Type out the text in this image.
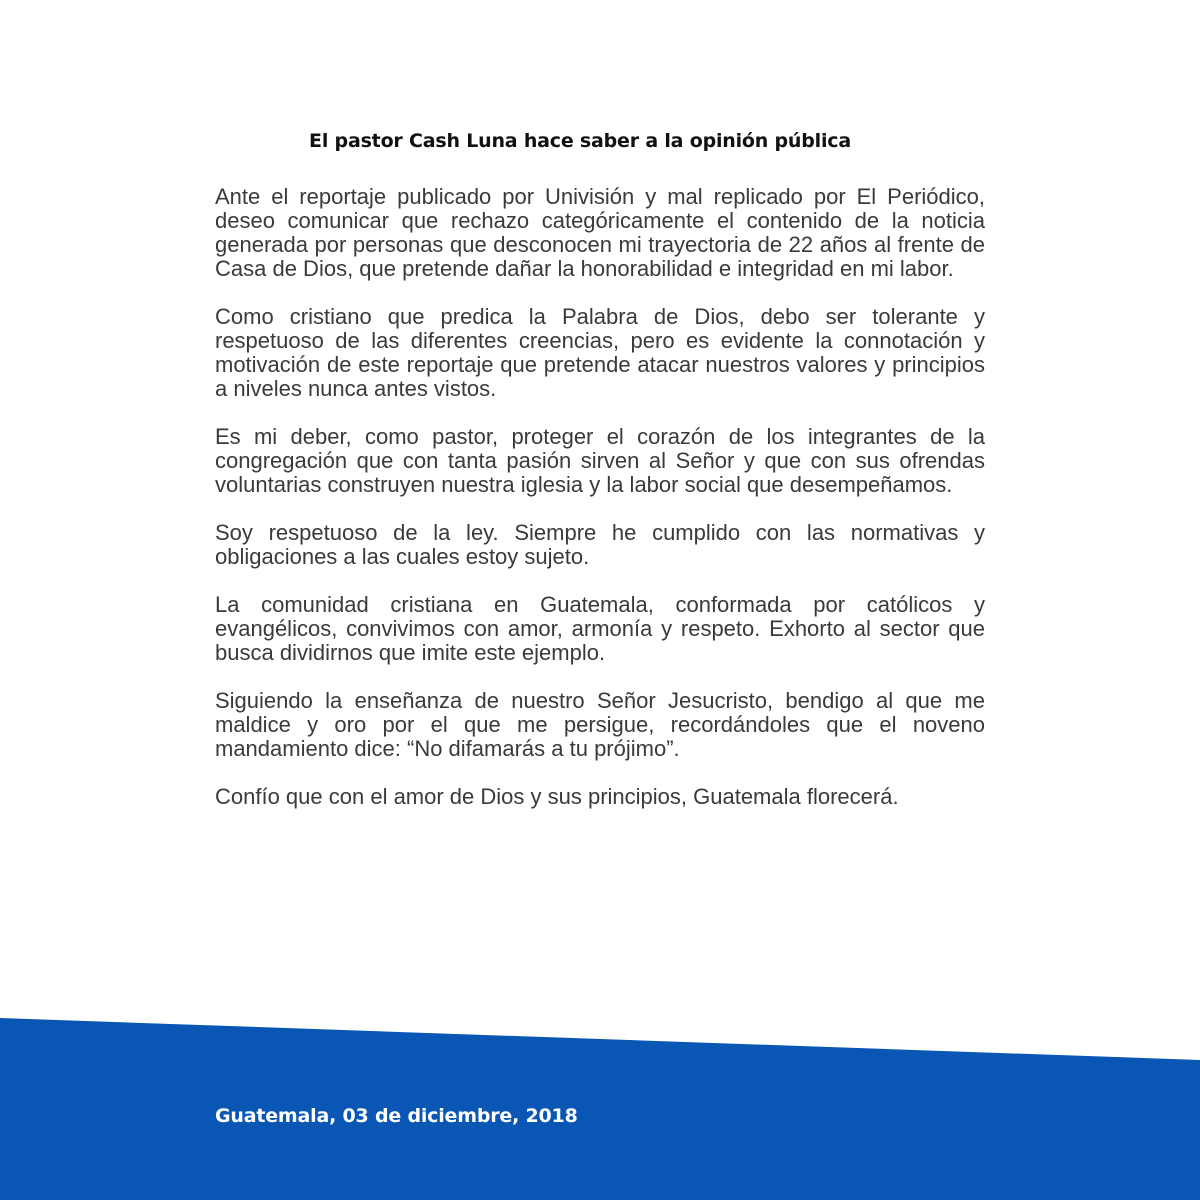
El pastor Cash Luna hace saber a la opinión pública

Ante el reportaje publicado por Univisión y mal replicado por El Periódico, deseo comunicar que rechazo categóricamente el contenido de la noticia generada por personas que desconocen mi trayectoria de 22 años al frente de Casa de Dios, que pretende dañar la honorabilidad e integridad en mi labor.

Como cristiano que predica la Palabra de Dios, debo ser tolerante y respetuoso de las diferentes creencias, pero es evidente la connotación y motivación de este reportaje que pretende atacar nuestros valores y principios a niveles nunca antes vistos.

Es mi deber, como pastor, proteger el corazón de los integrantes de la congregación que con tanta pasión sirven al Señor y que con sus ofrendas voluntarias construyen nuestra iglesia y la labor social que desempeñamos.

Soy respetuoso de la ley. Siempre he cumplido con las normativas y obligaciones a las cuales estoy sujeto.

La comunidad cristiana en Guatemala, conformada por católicos y evangélicos, convivimos con amor, armonía y respeto. Exhorto al sector que busca dividirnos que imite este ejemplo.

Siguiendo la enseñanza de nuestro Señor Jesucristo, bendigo al que me maldice y oro por el que me persigue, recordándoles que el noveno mandamiento dice: “No difamarás a tu prójimo”.

Confío que con el amor de Dios y sus principios, Guatemala florecerá.

Guatemala, 03 de diciembre, 2018
